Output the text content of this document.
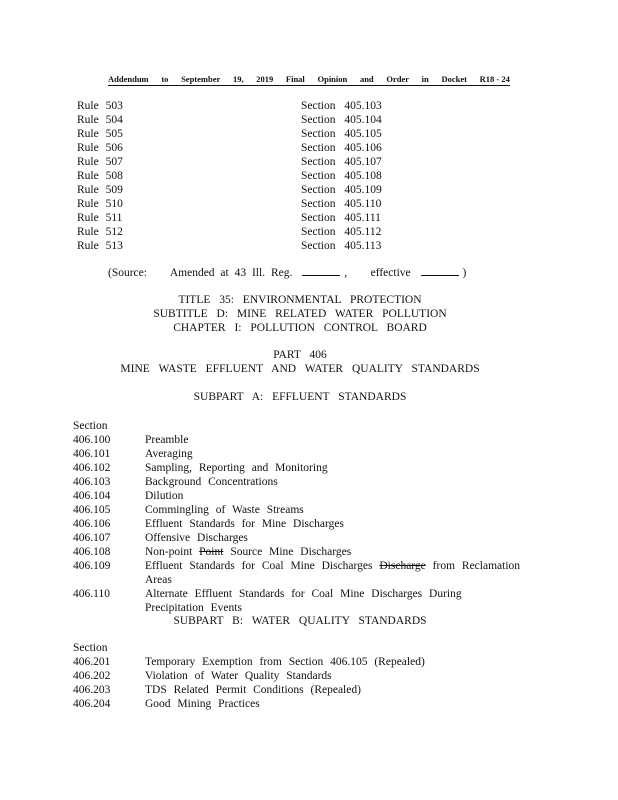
Addendum to September 19, 2019 Final Opinion and Order in Docket R18 - 24
Rule 503	Section 405.103
Rule 504	Section 405.104
Rule 505	Section 405.105
Rule 506	Section 405.106
Rule 507	Section 405.107
Rule 508	Section 405.108
Rule 509	Section 405.109
Rule 510	Section 405.110
Rule 511	Section 405.111
Rule 512	Section 405.112
Rule 513	Section 405.113
(Source: Amended at 43 Ill. Reg.	, effective	)
TITLE 35: ENVIRONMENTAL PROTECTION
SUBTITLE D: MINE RELATED WATER POLLUTION
CHAPTER I: POLLUTION CONTROL BOARD
PART 406
MINE WASTE EFFLUENT AND WATER QUALITY STANDARDS
SUBPART A: EFFLUENT STANDARDS
Section
406.100	Preamble
406.101	Averaging
406.102	Sampling, Reporting and Monitoring
406.103	Background Concentrations
406.104	Dilution
406.105	Commingling of Waste Streams
406.106	Effluent Standards for Mine Discharges
406.107	Offensive Discharges
406.108	Non-point Point Source Mine Discharges
406.109	Effluent Standards for Coal Mine Discharges Discharge from Reclamation Areas
406.110	Alternate Effluent Standards for Coal Mine Discharges During Precipitation Events
SUBPART B: WATER QUALITY STANDARDS
Section
406.201	Temporary Exemption from Section 406.105 (Repealed)
406.202	Violation of Water Quality Standards
406.203	TDS Related Permit Conditions (Repealed)
406.204	Good Mining Practices
